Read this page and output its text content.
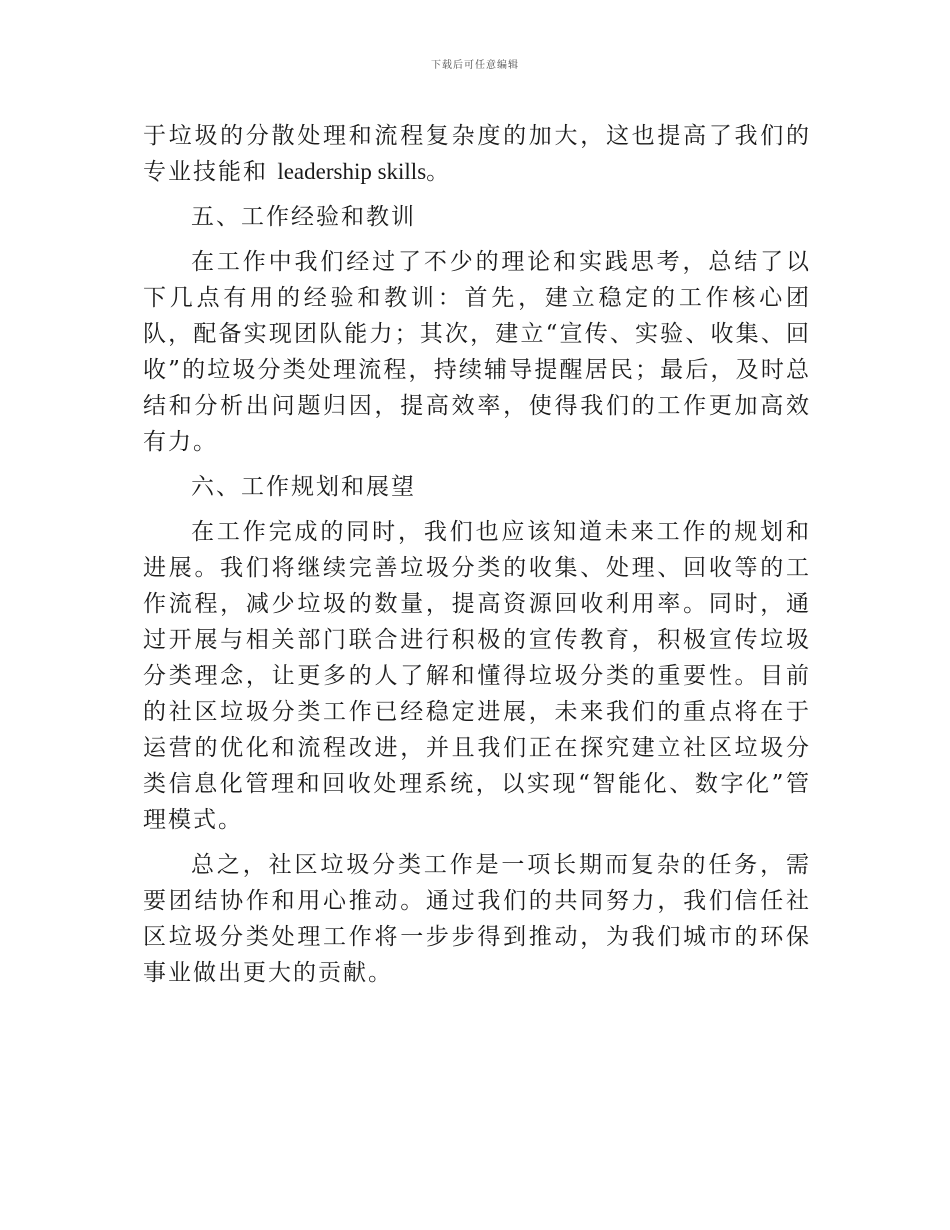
下载后可任意编辑

于垃圾的分散处理和流程复杂度的加大，这也提高了我们的专业技能和 leadership skills。

五、工作经验和教训

在工作中我们经过了不少的理论和实践思考，总结了以下几点有用的经验和教训：首先，建立稳定的工作核心团队，配备实现团队能力；其次，建立“宣传、实验、收集、回收”的垃圾分类处理流程，持续辅导提醒居民；最后，及时总结和分析出问题归因，提高效率，使得我们的工作更加高效有力。

六、工作规划和展望

在工作完成的同时，我们也应该知道未来工作的规划和进展。我们将继续完善垃圾分类的收集、处理、回收等的工作流程，减少垃圾的数量，提高资源回收利用率。同时，通过开展与相关部门联合进行积极的宣传教育，积极宣传垃圾分类理念，让更多的人了解和懂得垃圾分类的重要性。目前的社区垃圾分类工作已经稳定进展，未来我们的重点将在于运营的优化和流程改进，并且我们正在探究建立社区垃圾分类信息化管理和回收处理系统，以实现“智能化、数字化”管理模式。

总之，社区垃圾分类工作是一项长期而复杂的任务，需要团结协作和用心推动。通过我们的共同努力，我们信任社区垃圾分类处理工作将一步步得到推动，为我们城市的环保事业做出更大的贡献。
